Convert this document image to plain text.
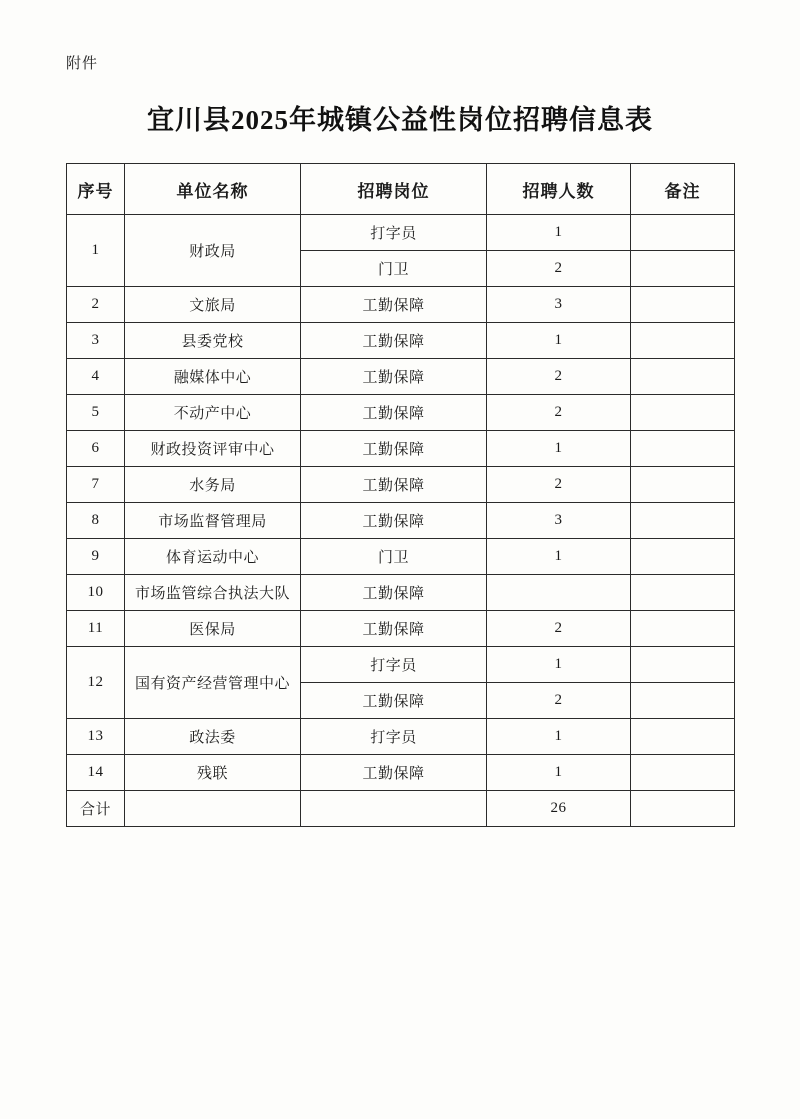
附件
宜川县2025年城镇公益性岗位招聘信息表
序号	单位名称	招聘岗位	招聘人数	备注
1	财政局	打字员	1	
		门卫	2	
2	文旅局	工勤保障	3	
3	县委党校	工勤保障	1	
4	融媒体中心	工勤保障	2	
5	不动产中心	工勤保障	2	
6	财政投资评审中心	工勤保障	1	
7	水务局	工勤保障	2	
8	市场监督管理局	工勤保障	3	
9	体育运动中心	门卫	1	
10	市场监管综合执法大队	工勤保障		
11	医保局	工勤保障	2	
12	国有资产经营管理中心	打字员	1	
		工勤保障	2	
13	政法委	打字员	1	
14	残联	工勤保障	1	
合计			26	
